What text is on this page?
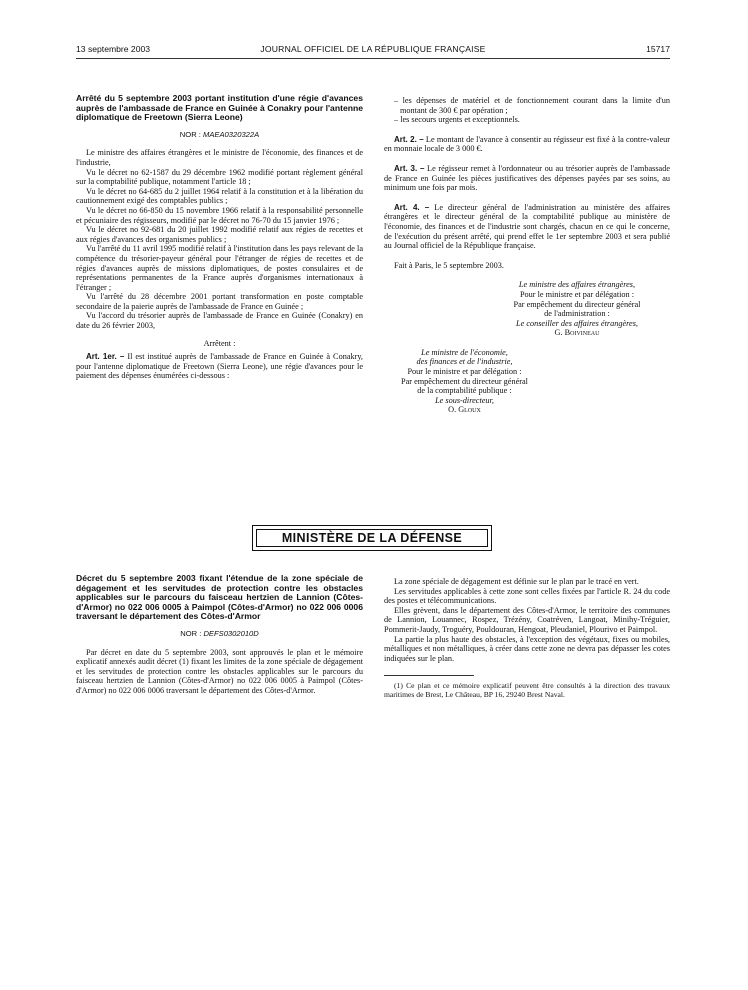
13 septembre 2003	JOURNAL OFFICIEL DE LA RÉPUBLIQUE FRANÇAISE	15717

Arrêté du 5 septembre 2003 portant institution d'une régie d'avances auprès de l'ambassade de France en Guinée à Conakry pour l'antenne diplomatique de Freetown (Sierra Leone)

NOR : MAEA0320322A

Le ministre des affaires étrangères et le ministre de l'économie, des finances et de l'industrie,

Vu le décret no 62-1587 du 29 décembre 1962 modifié portant règlement général sur la comptabilité publique, notamment l'article 18 ;

Vu le décret no 64-685 du 2 juillet 1964 relatif à la constitution et à la libération du cautionnement exigé des comptables publics ;

Vu le décret no 66-850 du 15 novembre 1966 relatif à la responsabilité personnelle et pécuniaire des régisseurs, modifié par le décret no 76-70 du 15 janvier 1976 ;

Vu le décret no 92-681 du 20 juillet 1992 modifié relatif aux régies de recettes et aux régies d'avances des organismes publics ;

Vu l'arrêté du 11 avril 1995 modifié relatif à l'institution dans les pays relevant de la compétence du trésorier-payeur général pour l'étranger de régies de recettes et de régies d'avances auprès de missions diplomatiques, de postes consulaires et de représentations permanentes de la France auprès d'organismes internationaux à l'étranger ;

Vu l'arrêté du 28 décembre 2001 portant transformation en poste comptable secondaire de la paierie auprès de l'ambassade de France en Guinée ;

Vu l'accord du trésorier auprès de l'ambassade de France en Guinée (Conakry) en date du 26 février 2003,

Arrêtent :

Art. 1er. – Il est institué auprès de l'ambassade de France en Guinée à Conakry, pour l'antenne diplomatique de Freetown (Sierra Leone), une régie d'avances pour le paiement des dépenses énumérées ci-dessous :

– les dépenses de matériel et de fonctionnement courant dans la limite d'un montant de 300 € par opération ;

– les secours urgents et exceptionnels.

Art. 2. – Le montant de l'avance à consentir au régisseur est fixé à la contre-valeur en monnaie locale de 3 000 €.

Art. 3. – Le régisseur remet à l'ordonnateur ou au trésorier auprès de l'ambassade de France en Guinée les pièces justificatives des dépenses payées par ses soins, au minimum une fois par mois.

Art. 4. – Le directeur général de l'administration au ministère des affaires étrangères et le directeur général de la comptabilité publique au ministère de l'économie, des finances et de l'industrie sont chargés, chacun en ce qui le concerne, de l'exécution du présent arrêté, qui prend effet le 1er septembre 2003 et sera publié au Journal officiel de la République française.

Fait à Paris, le 5 septembre 2003.

Le ministre des affaires étrangères,

Pour le ministre et par délégation :

Par empêchement du directeur général

de l'administration :

Le conseiller des affaires étrangères,

G. Boivineau

Le ministre de l'économie,

des finances et de l'industrie,

Pour le ministre et par délégation :

Par empêchement du directeur général

de la comptabilité publique :

Le sous-directeur,

O. Gloux

MINISTÈRE DE LA DÉFENSE

Décret du 5 septembre 2003 fixant l'étendue de la zone spéciale de dégagement et les servitudes de protection contre les obstacles applicables sur le parcours du faisceau hertzien de Lannion (Côtes-d'Armor) no 022 006 0005 à Paimpol (Côtes-d'Armor) no 022 006 0006 traversant le département des Côtes-d'Armor

NOR : DEFS0302010D

Par décret en date du 5 septembre 2003, sont approuvés le plan et le mémoire explicatif annexés audit décret (1) fixant les limites de la zone spéciale de dégagement et les servitudes de protection contre les obstacles applicables sur le parcours du faisceau hertzien de Lannion (Côtes-d'Armor) no 022 006 0005 à Paimpol (Côtes-d'Armor) no 022 006 0006 traversant le département des Côtes-d'Armor.

La zone spéciale de dégagement est définie sur le plan par le tracé en vert.

Les servitudes applicables à cette zone sont celles fixées par l'article R. 24 du code des postes et télécommunications.

Elles grèvent, dans le département des Côtes-d'Armor, le territoire des communes de Lannion, Louannec, Rospez, Trézény, Coatréven, Langoat, Minihy-Tréguier, Pommerit-Jaudy, Troguéry, Pouldouran, Hengoat, Pleudaniel, Plourivo et Paimpol.

La partie la plus haute des obstacles, à l'exception des végétaux, fixes ou mobiles, métalliques et non métalliques, à créer dans cette zone ne devra pas dépasser les cotes indiquées sur le plan.

(1) Ce plan et ce mémoire explicatif peuvent être consultés à la direction des travaux maritimes de Brest, Le Château, BP 16, 29240 Brest Naval.
